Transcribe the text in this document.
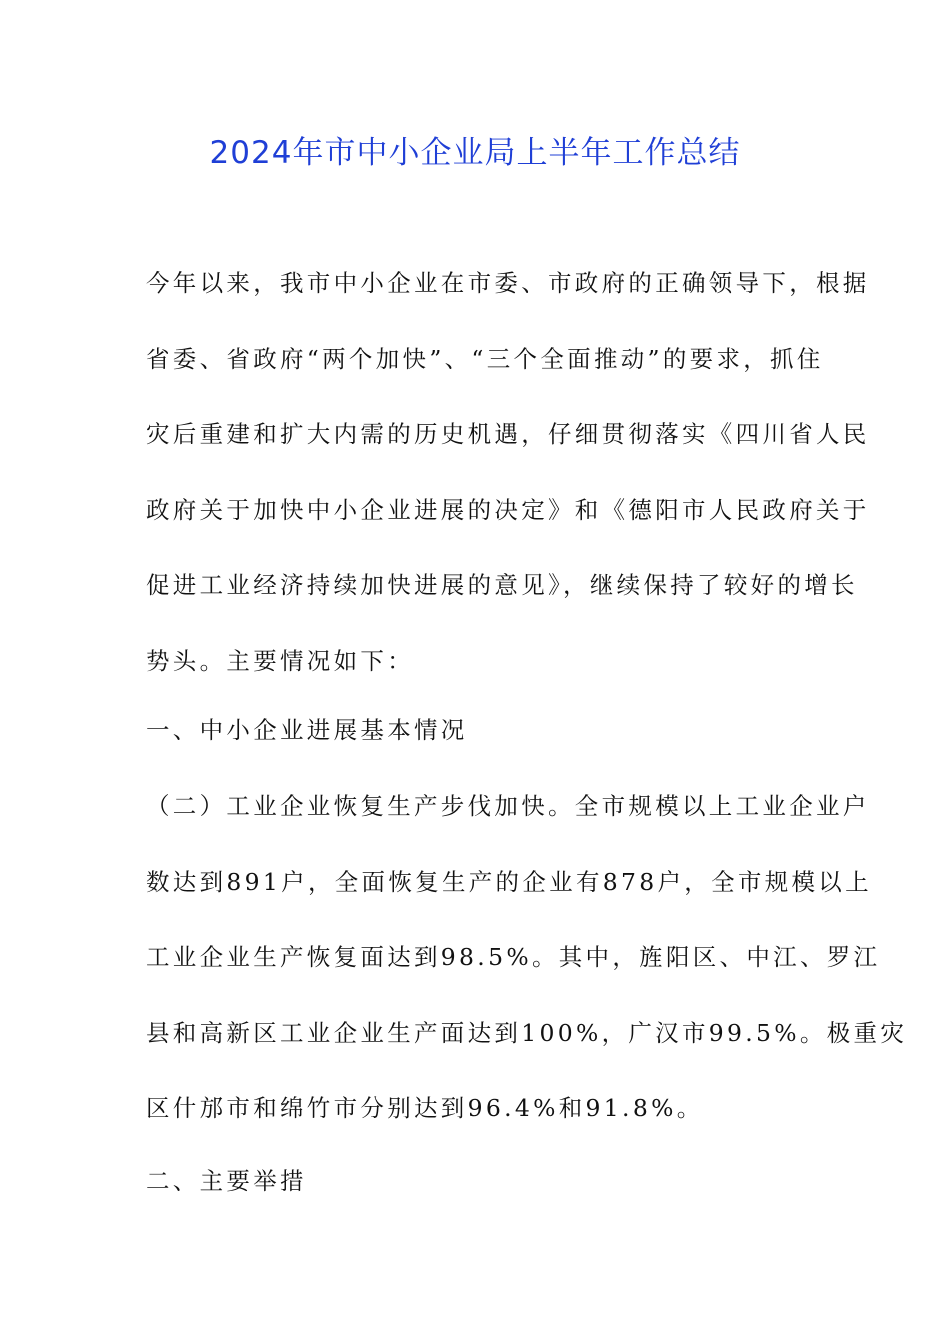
2024年市中小企业局上半年工作总结
今年以来，我市中小企业在市委、市政府的正确领导下，根据
省委、省政府“两个加快”、“三个全面推动”的要求，抓住
灾后重建和扩大内需的历史机遇，仔细贯彻落实《四川省人民
政府关于加快中小企业进展的决定》和《德阳市人民政府关于
促进工业经济持续加快进展的意见》，继续保持了较好的增长
势头。主要情况如下：
一、中小企业进展基本情况
（二）工业企业恢复生产步伐加快。全市规模以上工业企业户
数达到891户，全面恢复生产的企业有878户，全市规模以上
工业企业生产恢复面达到98.5%。其中，旌阳区、中江、罗江
县和高新区工业企业生产面达到100%，广汉市99.5%。极重灾
区什邡市和绵竹市分别达到96.4%和91.8%。
二、主要举措
